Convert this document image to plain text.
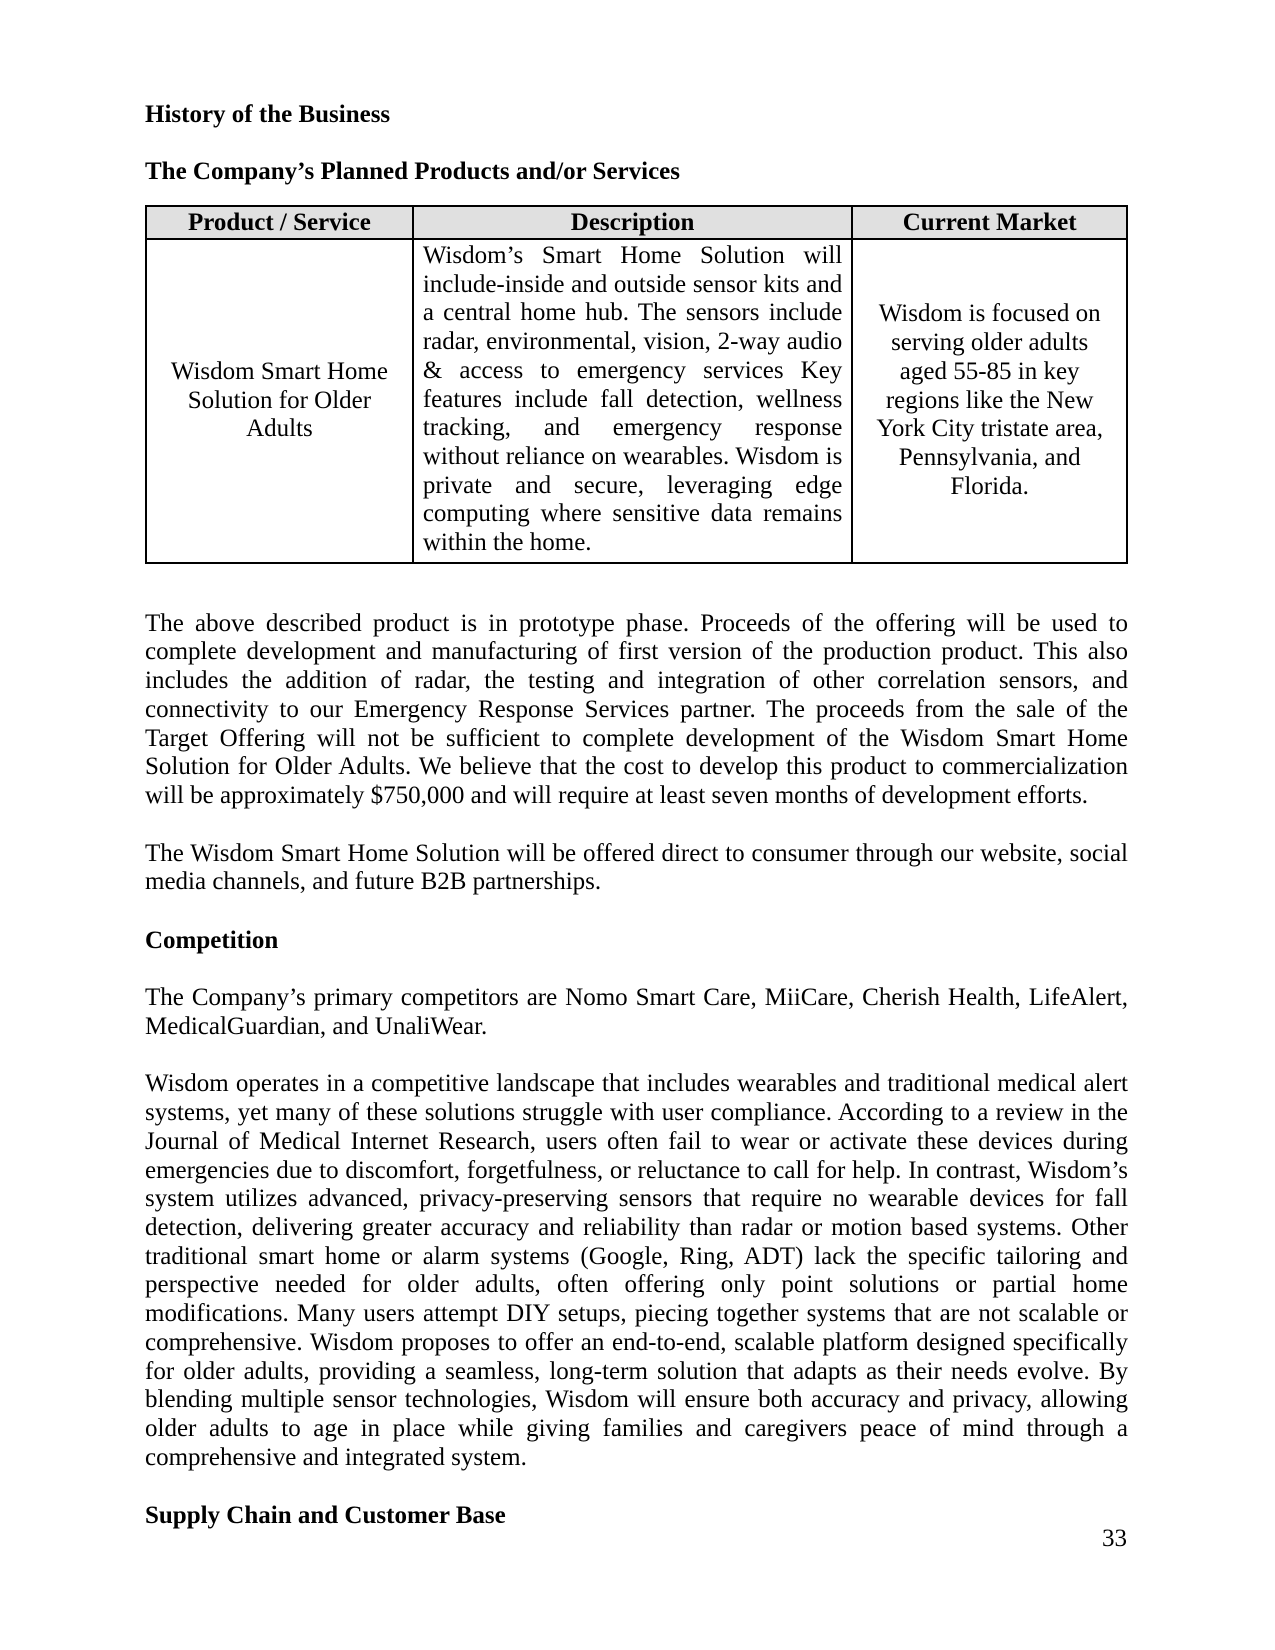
History of the Business
The Company’s Planned Products and/or Services
Product / Service	Description	Current Market
Wisdom Smart Home Solution for Older Adults	Wisdom’s Smart Home Solution will include-inside and outside sensor kits and a central home hub. The sensors include radar, environmental, vision, 2-way audio & access to emergency services Key features include fall detection, wellness tracking, and emergency response without reliance on wearables. Wisdom is private and secure, leveraging edge computing where sensitive data remains within the home.	Wisdom is focused on serving older adults aged 55-85 in key regions like the New York City tristate area, Pennsylvania, and Florida.

The above described product is in prototype phase. Proceeds of the offering will be used to complete development and manufacturing of first version of the production product. This also includes the addition of radar, the testing and integration of other correlation sensors, and connectivity to our Emergency Response Services partner. The proceeds from the sale of the Target Offering will not be sufficient to complete development of the Wisdom Smart Home Solution for Older Adults. We believe that the cost to develop this product to commercialization will be approximately $750,000 and will require at least seven months of development efforts.

The Wisdom Smart Home Solution will be offered direct to consumer through our website, social media channels, and future B2B partnerships.

Competition

The Company’s primary competitors are Nomo Smart Care, MiiCare, Cherish Health, LifeAlert, MedicalGuardian, and UnaliWear.

Wisdom operates in a competitive landscape that includes wearables and traditional medical alert systems, yet many of these solutions struggle with user compliance. According to a review in the Journal of Medical Internet Research, users often fail to wear or activate these devices during emergencies due to discomfort, forgetfulness, or reluctance to call for help. In contrast, Wisdom’s system utilizes advanced, privacy-preserving sensors that require no wearable devices for fall detection, delivering greater accuracy and reliability than radar or motion based systems. Other traditional smart home or alarm systems (Google, Ring, ADT) lack the specific tailoring and perspective needed for older adults, often offering only point solutions or partial home modifications. Many users attempt DIY setups, piecing together systems that are not scalable or comprehensive. Wisdom proposes to offer an end-to-end, scalable platform designed specifically for older adults, providing a seamless, long-term solution that adapts as their needs evolve. By blending multiple sensor technologies, Wisdom will ensure both accuracy and privacy, allowing older adults to age in place while giving families and caregivers peace of mind through a comprehensive and integrated system.

Supply Chain and Customer Base
33
